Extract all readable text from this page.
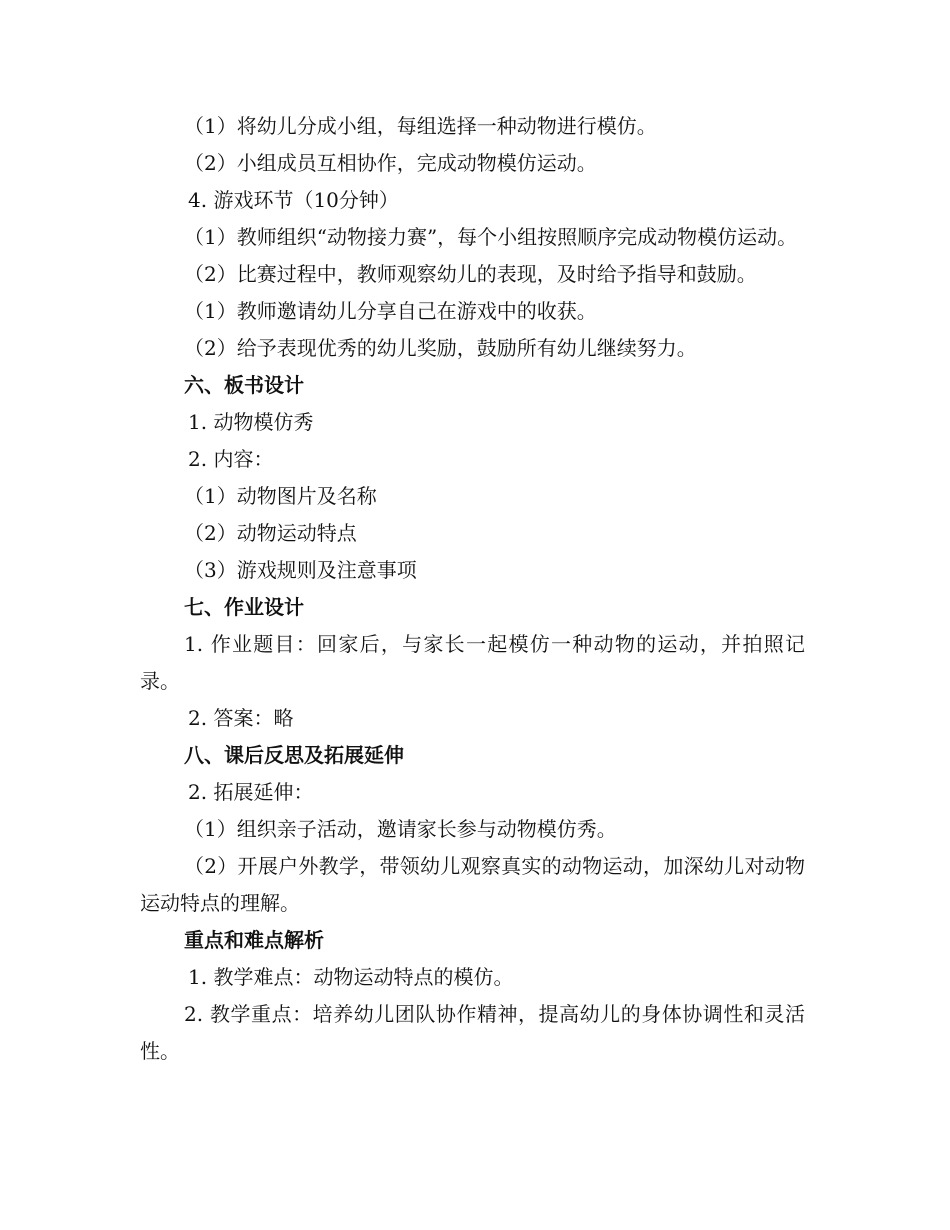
（1）将幼儿分成小组，每组选择一种动物进行模仿。

（2）小组成员互相协作，完成动物模仿运动。

4. 游戏环节（10分钟）

（1）教师组织“动物接力赛”，每个小组按照顺序完成动物模仿运动。

（2）比赛过程中，教师观察幼儿的表现，及时给予指导和鼓励。

（1）教师邀请幼儿分享自己在游戏中的收获。

（2）给予表现优秀的幼儿奖励，鼓励所有幼儿继续努力。

六、板书设计

1. 动物模仿秀

2. 内容：

（1）动物图片及名称

（2）动物运动特点

（3）游戏规则及注意事项

七、作业设计

1. 作业题目：回家后，与家长一起模仿一种动物的运动，并拍照记录。

2. 答案：略

八、课后反思及拓展延伸

2. 拓展延伸：

（1）组织亲子活动，邀请家长参与动物模仿秀。

（2）开展户外教学，带领幼儿观察真实的动物运动，加深幼儿对动物运动特点的理解。

重点和难点解析

1. 教学难点：动物运动特点的模仿。

2. 教学重点：培养幼儿团队协作精神，提高幼儿的身体协调性和灵活性。
